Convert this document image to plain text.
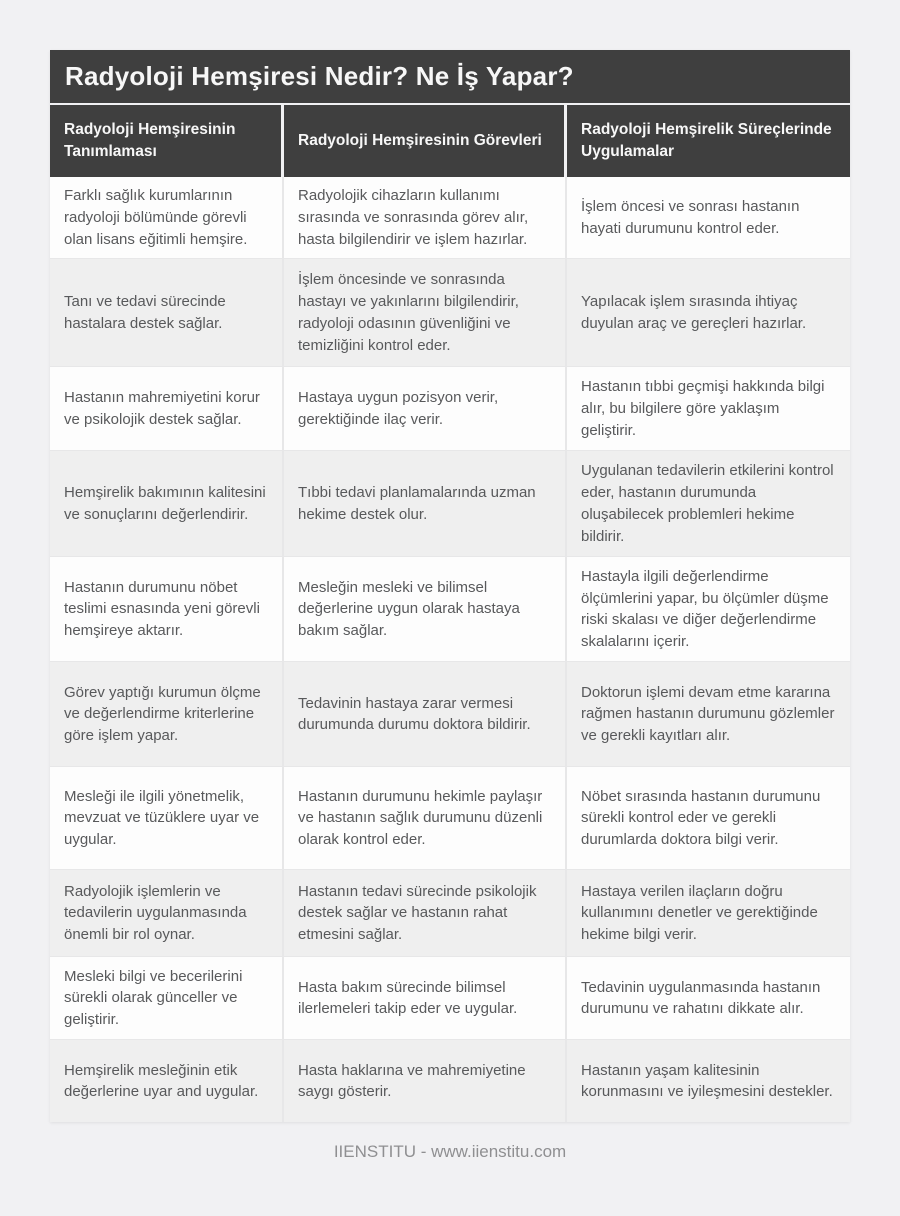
Radyoloji Hemşiresi Nedir? Ne İş Yapar?
Radyoloji Hemşiresinin Tanımlaması
Radyoloji Hemşiresinin Görevleri
Radyoloji Hemşirelik Süreçlerinde Uygulamalar
Farklı sağlık kurumlarının radyoloji bölümünde görevli olan lisans eğitimli hemşire.
Radyolojik cihazların kullanımı sırasında ve sonrasında görev alır, hasta bilgilendirir ve işlem hazırlar.
İşlem öncesi ve sonrası hastanın hayati durumunu kontrol eder.
Tanı ve tedavi sürecinde hastalara destek sağlar.
İşlem öncesinde ve sonrasında hastayı ve yakınlarını bilgilendirir, radyoloji odasının güvenliğini ve temizliğini kontrol eder.
Yapılacak işlem sırasında ihtiyaç duyulan araç ve gereçleri hazırlar.
Hastanın mahremiyetini korur ve psikolojik destek sağlar.
Hastaya uygun pozisyon verir, gerektiğinde ilaç verir.
Hastanın tıbbi geçmişi hakkında bilgi alır, bu bilgilere göre yaklaşım geliştirir.
Hemşirelik bakımının kalitesini ve sonuçlarını değerlendirir.
Tıbbi tedavi planlamalarında uzman hekime destek olur.
Uygulanan tedavilerin etkilerini kontrol eder, hastanın durumunda oluşabilecek problemleri hekime bildirir.
Hastanın durumunu nöbet teslimi esnasında yeni görevli hemşireye aktarır.
Mesleğin mesleki ve bilimsel değerlerine uygun olarak hastaya bakım sağlar.
Hastayla ilgili değerlendirme ölçümlerini yapar, bu ölçümler düşme riski skalası ve diğer değerlendirme skalalarını içerir.
Görev yaptığı kurumun ölçme ve değerlendirme kriterlerine göre işlem yapar.
Tedavinin hastaya zarar vermesi durumunda durumu doktora bildirir.
Doktorun işlemi devam etme kararına rağmen hastanın durumunu gözlemler ve gerekli kayıtları alır.
Mesleği ile ilgili yönetmelik, mevzuat ve tüzüklere uyar ve uygular.
Hastanın durumunu hekimle paylaşır ve hastanın sağlık durumunu düzenli olarak kontrol eder.
Nöbet sırasında hastanın durumunu sürekli kontrol eder ve gerekli durumlarda doktora bilgi verir.
Radyolojik işlemlerin ve tedavilerin uygulanmasında önemli bir rol oynar.
Hastanın tedavi sürecinde psikolojik destek sağlar ve hastanın rahat etmesini sağlar.
Hastaya verilen ilaçların doğru kullanımını denetler ve gerektiğinde hekime bilgi verir.
Mesleki bilgi ve becerilerini sürekli olarak günceller ve geliştirir.
Hasta bakım sürecinde bilimsel ilerlemeleri takip eder ve uygular.
Tedavinin uygulanmasında hastanın durumunu ve rahatını dikkate alır.
Hemşirelik mesleğinin etik değerlerine uyar and uygular.
Hasta haklarına ve mahremiyetine saygı gösterir.
Hastanın yaşam kalitesinin korunmasını ve iyileşmesini destekler.
IIENSTITU - www.iienstitu.com
